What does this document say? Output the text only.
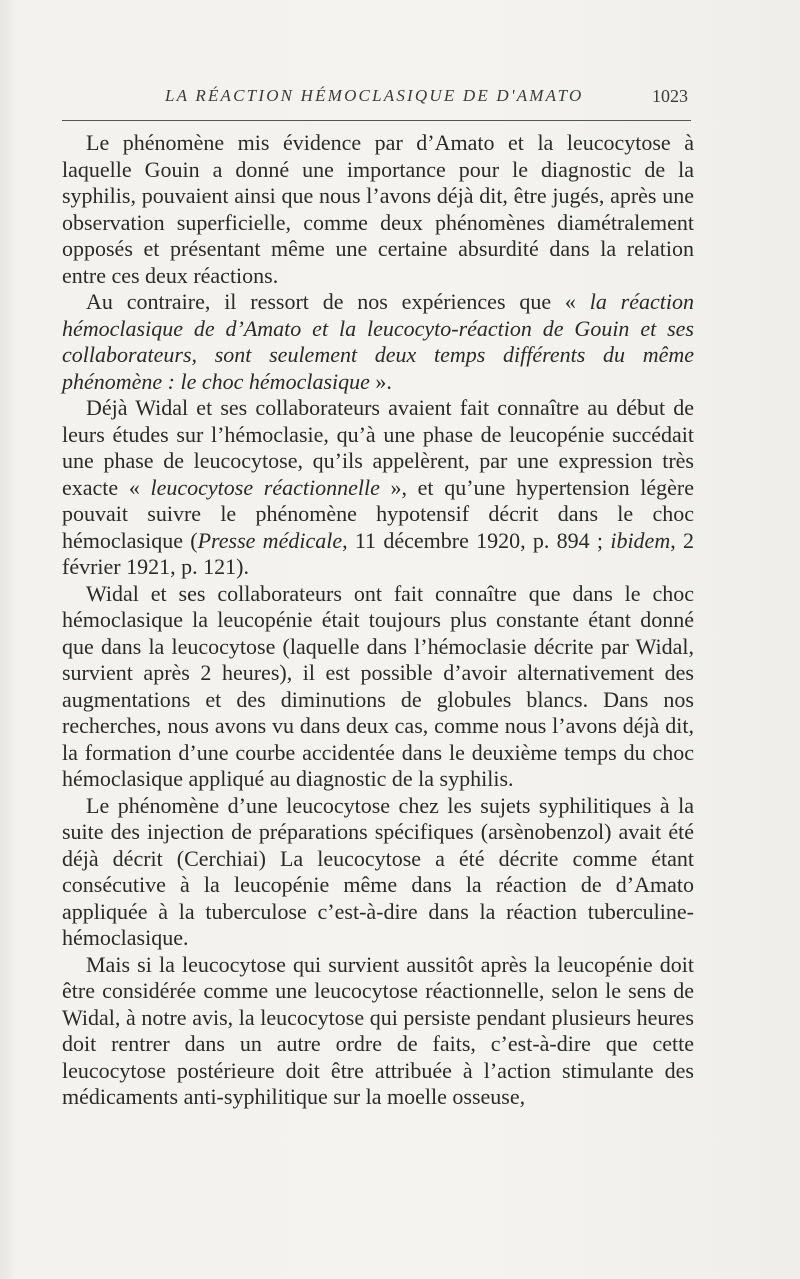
LA RÉACTION HÉMOCLASIQUE DE D'AMATO	1023

Le phénomène mis évidence par d’Amato et la leucocytose à laquelle Gouin a donné une importance pour le diagnostic de la syphilis, pouvaient ainsi que nous l’avons déjà dit, être jugés, après une observation superficielle, comme deux phénomènes diamétralement opposés et présentant même une certaine absurdité dans la relation entre ces deux réactions.

Au contraire, il ressort de nos expériences que « la réaction hémoclasique de d’Amato et la leucocyto-réaction de Gouin et ses collaborateurs, sont seulement deux temps différents du même phénomène : le choc hémoclasique ».

Déjà Widal et ses collaborateurs avaient fait connaître au début de leurs études sur l’hémoclasie, qu’à une phase de leucopénie succédait une phase de leucocytose, qu’ils appelèrent, par une expression très exacte « leucocytose réactionnelle », et qu’une hypertension légère pouvait suivre le phénomène hypotensif décrit dans le choc hémoclasique (Presse médicale, 11 décembre 1920, p. 894 ; ibidem, 2 février 1921, p. 121).

Widal et ses collaborateurs ont fait connaître que dans le choc hémoclasique la leucopénie était toujours plus constante étant donné que dans la leucocytose (laquelle dans l’hémoclasie décrite par Widal, survient après 2 heures), il est possible d’avoir alternativement des augmentations et des diminutions de globules blancs. Dans nos recherches, nous avons vu dans deux cas, comme nous l’avons déjà dit, la formation d’une courbe accidentée dans le deuxième temps du choc hémoclasique appliqué au diagnostic de la syphilis.

Le phénomène d’une leucocytose chez les sujets syphilitiques à la suite des injection de préparations spécifiques (arsènobenzol) avait été déjà décrit (Cerchiai) La leucocytose a été décrite comme étant consécutive à la leucopénie même dans la réaction de d’Amato appliquée à la tuberculose c’est-à-dire dans la réaction tuberculine-hémoclasique.

Mais si la leucocytose qui survient aussitôt après la leucopénie doit être considérée comme une leucocytose réactionnelle, selon le sens de Widal, à notre avis, la leucocytose qui persiste pendant plusieurs heures doit rentrer dans un autre ordre de faits, c’est-à-dire que cette leucocytose postérieure doit être attribuée à l’action stimulante des médicaments anti-syphilitique sur la moelle osseuse,
